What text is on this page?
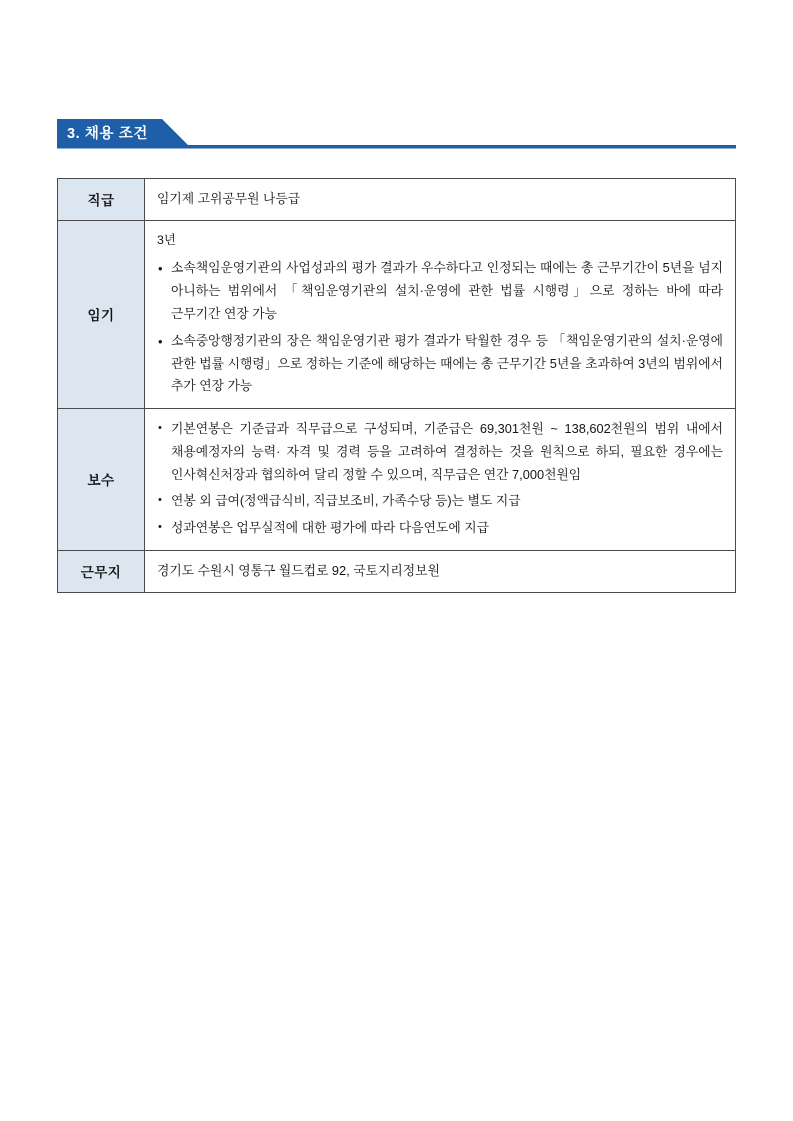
3. 채용 조건
직급	임기제 고위공무원 나등급

임기	
3년
• 소속책임운영기관의 사업성과의 평가 결과가 우수하다고 인정되는 때에는 총 근무기간이 5년을 넘지 아니하는 범위에서 「책임운영기관의 설치·운영에 관한 법률 시행령」으로 정하는 바에 따라 근무기간 연장 가능
• 소속중앙행정기관의 장은 책임운영기관 평가 결과가 탁월한 경우 등 「책임운영기관의 설치·운영에 관한 법률 시행령」으로 정하는 기준에 해당하는 때에는 총 근무기간 5년을 초과하여 3년의 범위에서 추가 연장 가능

보수	
• 기본연봉은 기준급과 직무급으로 구성되며, 기준급은 69,301천원 ~ 138,602천원의 범위 내에서 채용예정자의 능력· 자격 및 경력 등을 고려하여 결정하는 것을 원칙으로 하되, 필요한 경우에는 인사혁신처장과 협의하여 달리 정할 수 있으며, 직무급은 연간 7,000천원임
• 연봉 외 급여(정액급식비, 직급보조비, 가족수당 등)는 별도 지급
• 성과연봉은 업무실적에 대한 평가에 따라 다음연도에 지급

근무지	경기도 수원시 영통구 월드컵로 92, 국토지리정보원
